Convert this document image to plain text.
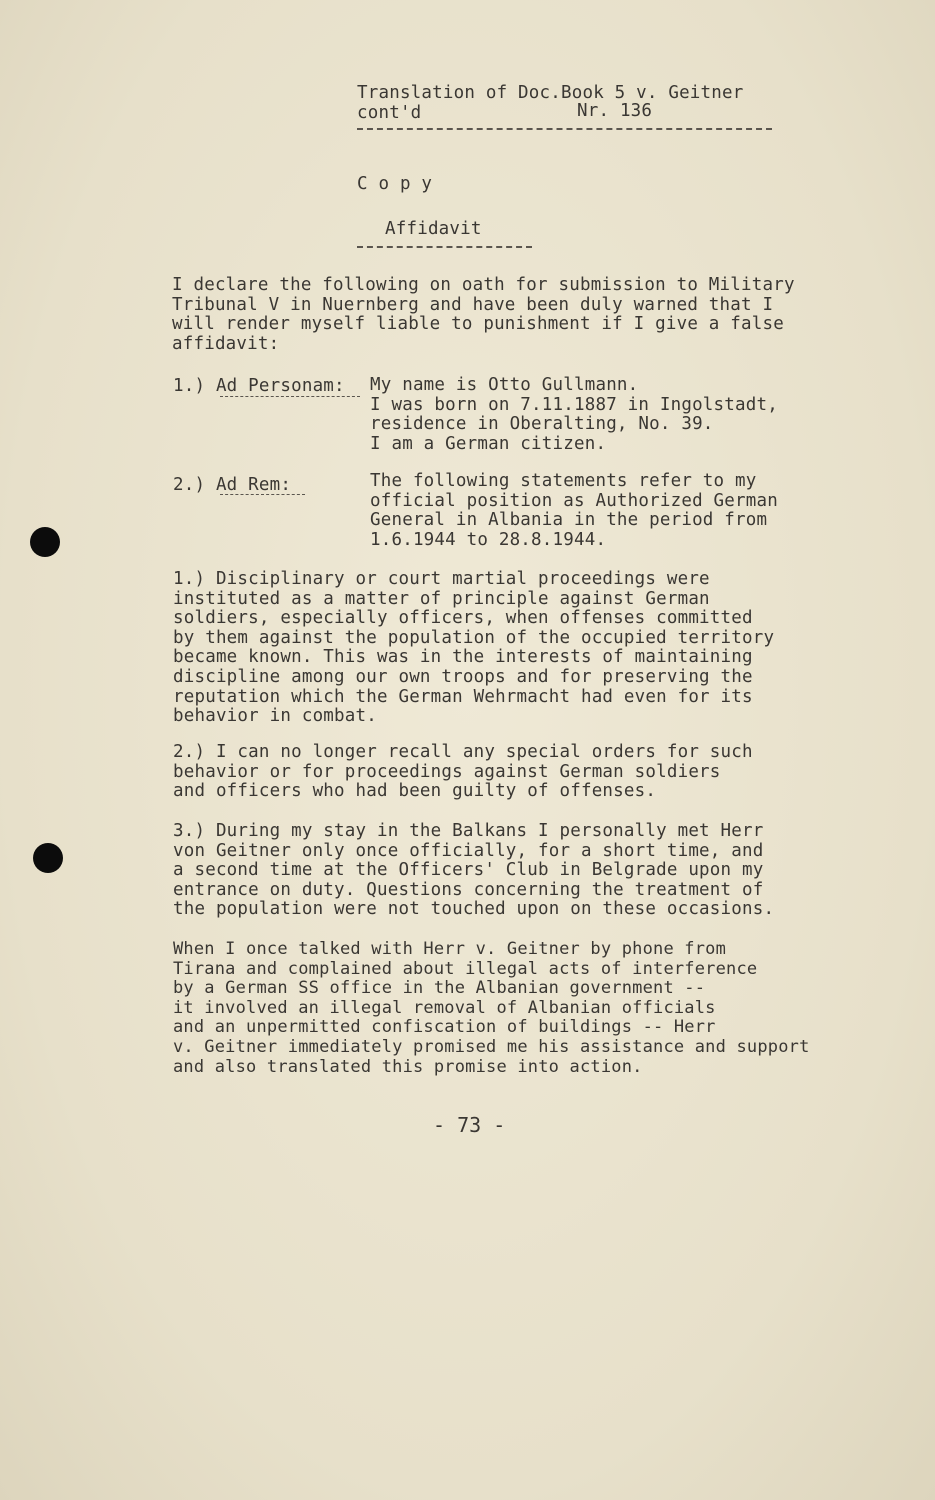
Translation of Doc.Book 5 v. Geitner
cont'd	Nr. 136
C o p y
Affidavit
I declare the following on oath for submission to Military
Tribunal V in Nuernberg and have been duly warned that I
will render myself liable to punishment if I give a false
affidavit:
1.) Ad Personam: My name is Otto Gullmann.
I was born on 7.11.1887 in Ingolstadt,
residence in Oberalting, No. 39.
I am a German citizen.
2.) Ad Rem:	The following statements refer to my
official position as Authorized German
General in Albania in the period from
1.6.1944 to 28.8.1944.
1.) Disciplinary or court martial proceedings were
instituted as a matter of principle against German
soldiers, especially officers, when offenses committed
by them against the population of the occupied territory
became known. This was in the interests of maintaining
discipline among our own troops and for preserving the
reputation which the German Wehrmacht had even for its
behavior in combat.
2.) I can no longer recall any special orders for such
behavior or for proceedings against German soldiers
and officers who had been guilty of offenses.
3.) During my stay in the Balkans I personally met Herr
von Geitner only once officially, for a short time, and
a second time at the Officers' Club in Belgrade upon my
entrance on duty. Questions concerning the treatment of
the population were not touched upon on these occasions.
When I once talked with Herr v. Geitner by phone from
Tirana and complained about illegal acts of interference
by a German SS office in the Albanian government --
it involved an illegal removal of Albanian officials
and an unpermitted confiscation of buildings -- Herr
v. Geitner immediately promised me his assistance and support
and also translated this promise into action.
- 73 -
